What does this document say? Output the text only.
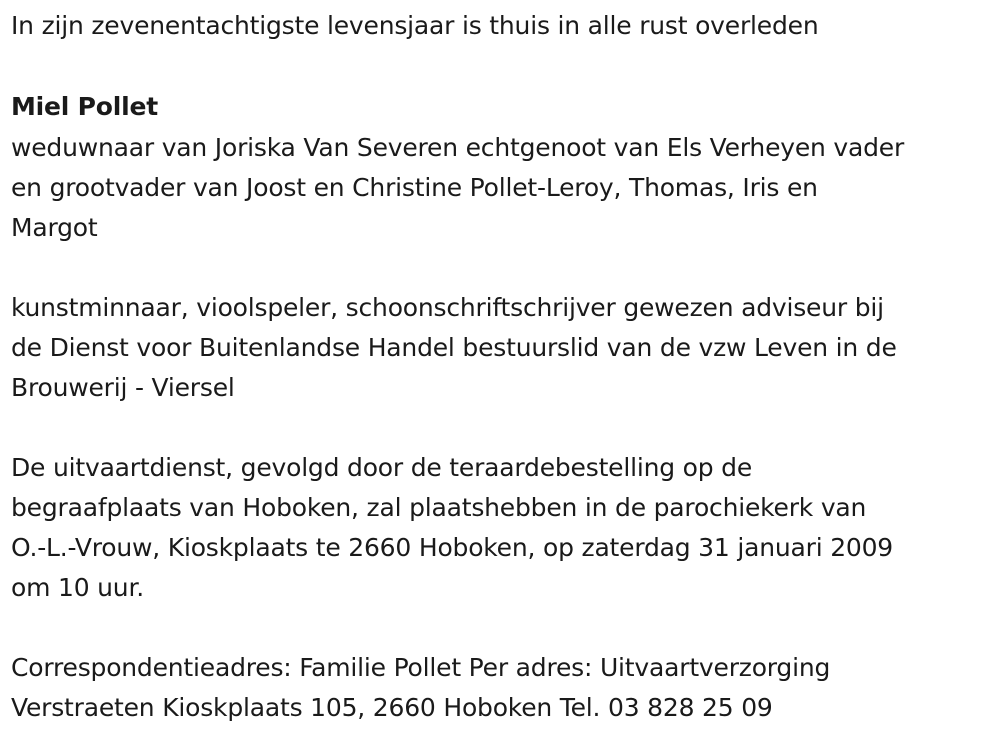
In zijn zevenentachtigste levensjaar is thuis in alle rust overleden

Miel Pollet

weduwnaar van Joriska Van Severen echtgenoot van Els Verheyen vader
en grootvader van Joost en Christine Pollet-Leroy, Thomas, Iris en
Margot

kunstminnaar, vioolspeler, schoonschriftschrijver gewezen adviseur bij
de Dienst voor Buitenlandse Handel bestuurslid van de vzw Leven in de
Brouwerij - Viersel

De uitvaartdienst, gevolgd door de teraardebestelling op de
begraafplaats van Hoboken, zal plaatshebben in de parochiekerk van
O.-L.-Vrouw, Kioskplaats te 2660 Hoboken, op zaterdag 31 januari 2009
om 10 uur.

Correspondentieadres: Familie Pollet Per adres: Uitvaartverzorging
Verstraeten Kioskplaats 105, 2660 Hoboken Tel. 03 828 25 09
